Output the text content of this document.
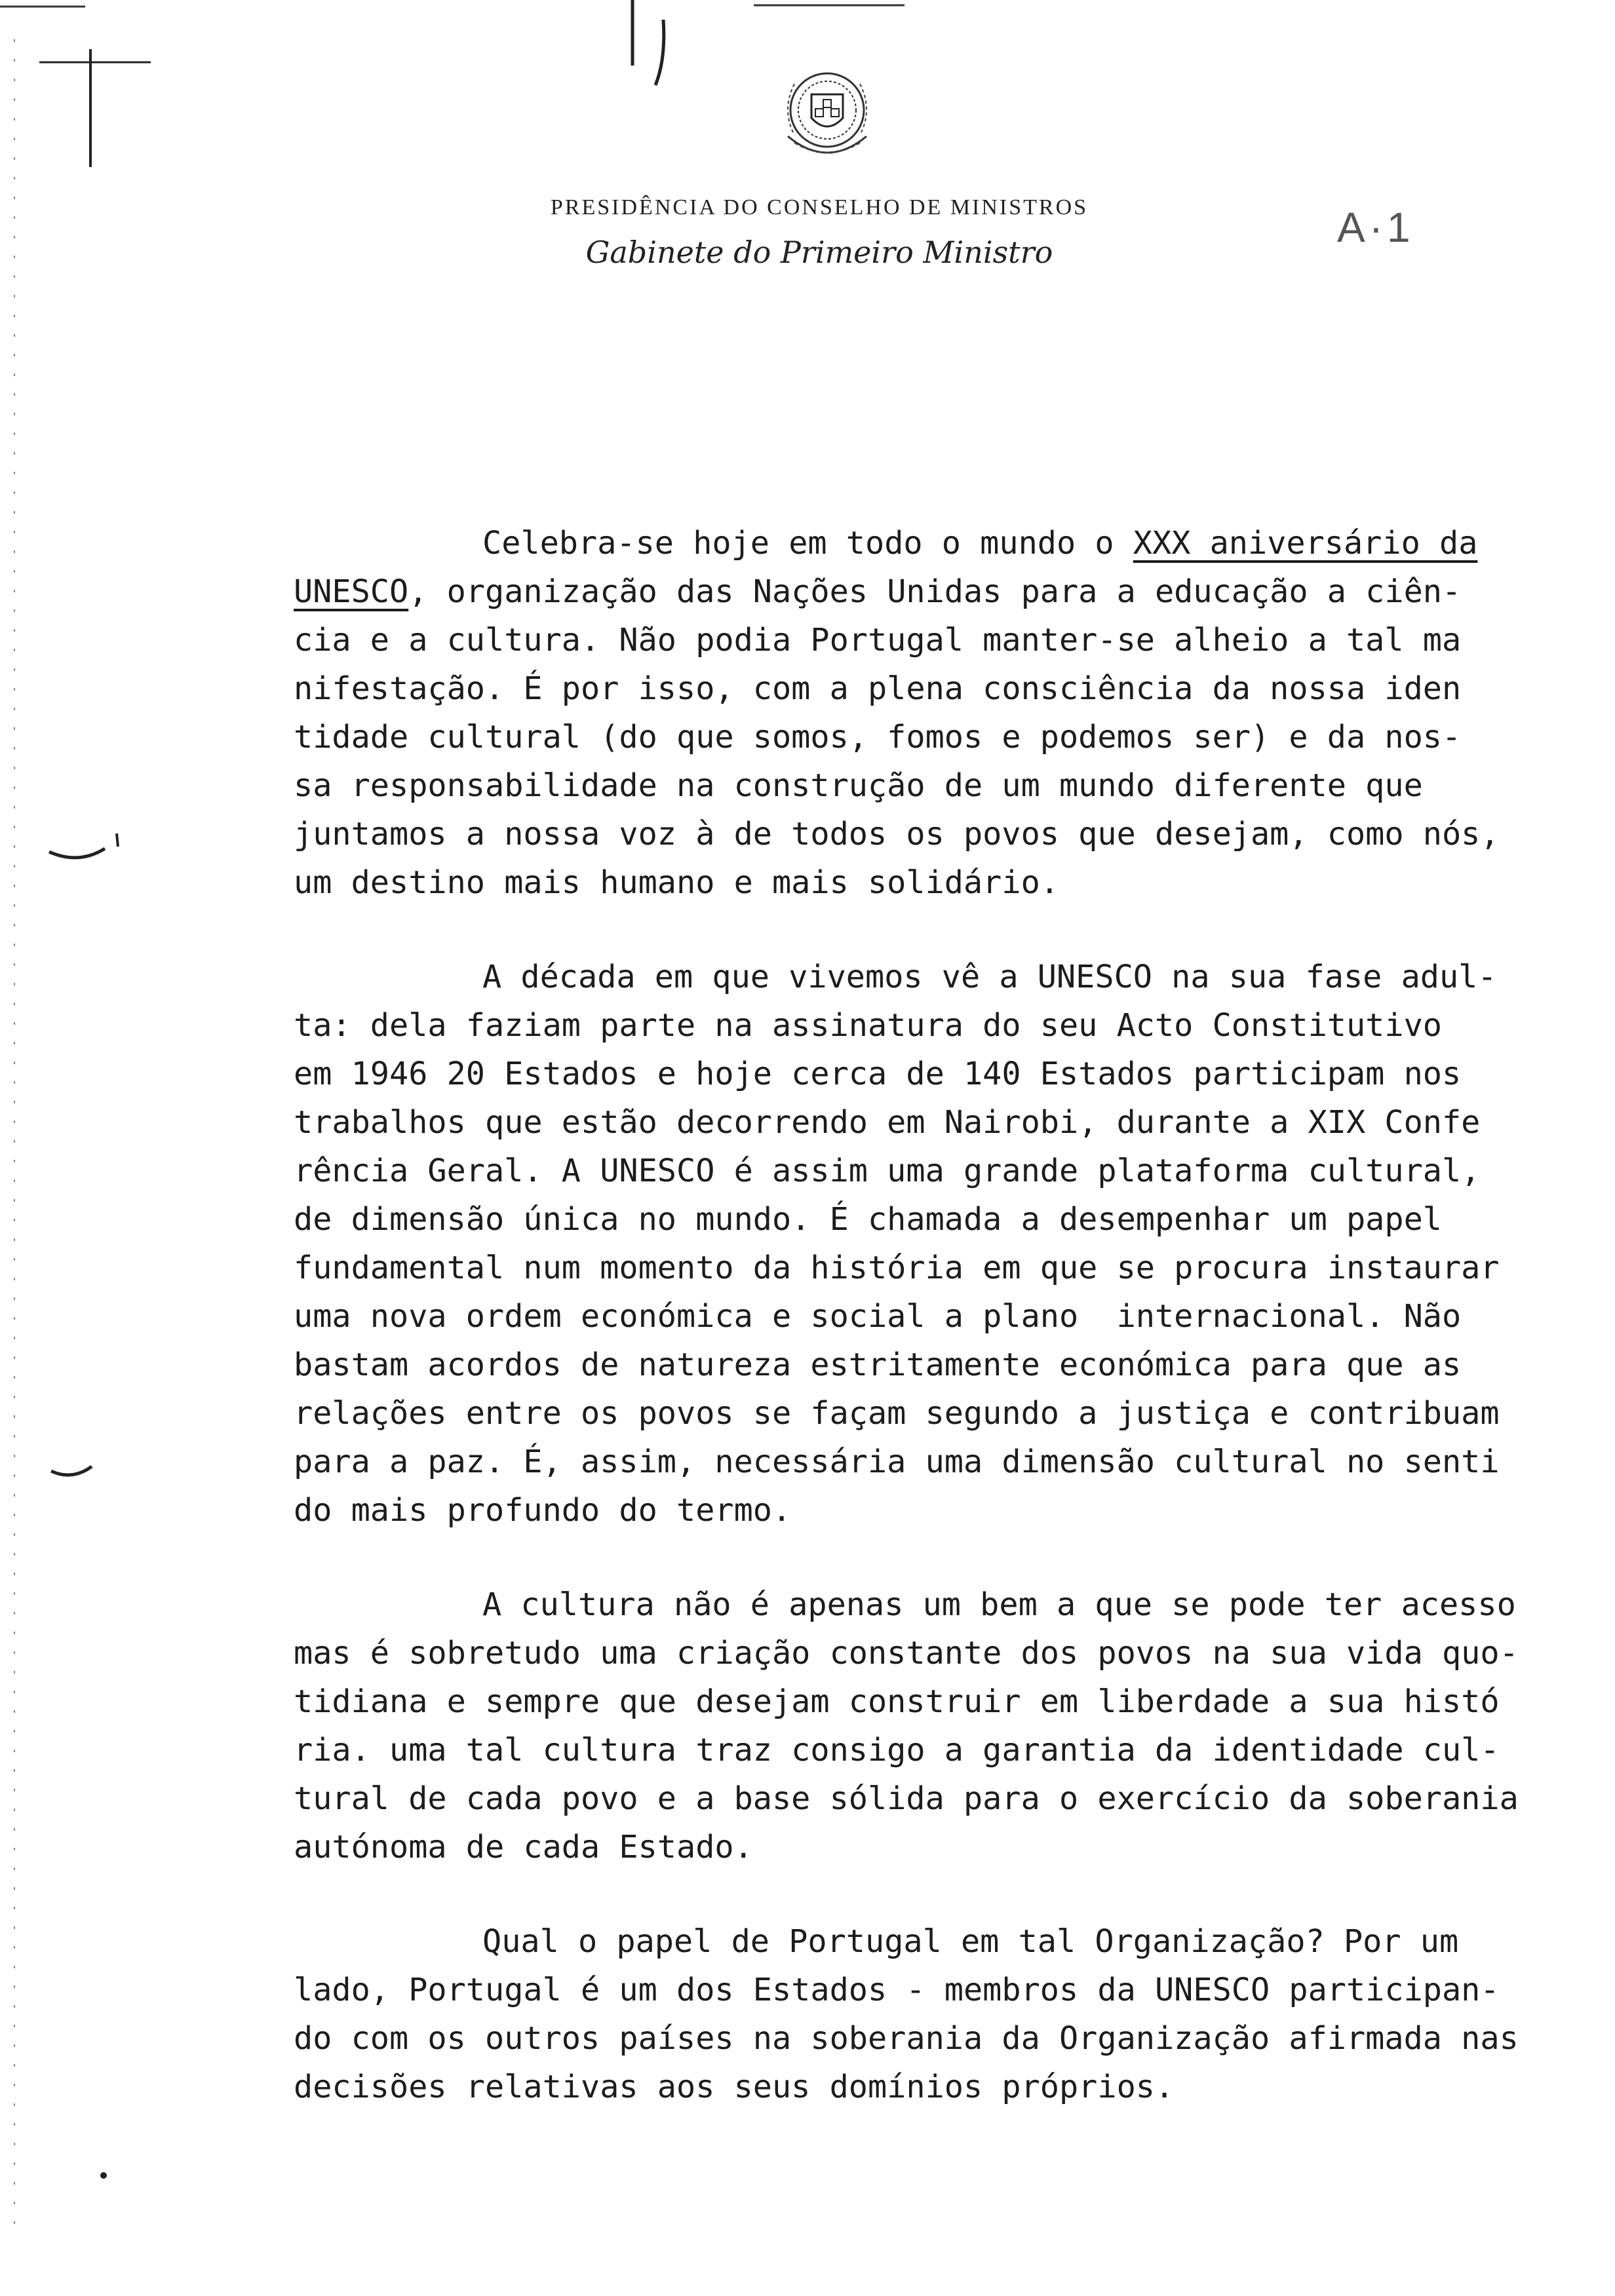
PRESIDÊNCIA DO CONSELHO DE MINISTROS
Gabinete do Primeiro Ministro
A·1
Celebra-se hoje em todo o mundo o XXX aniversário da
UNESCO, organização das Nações Unidas para a educação a ciên-
cia e a cultura. Não podia Portugal manter-se alheio a tal ma
nifestação. É por isso, com a plena consciência da nossa iden
tidade cultural (do que somos, fomos e podemos ser) e da nos-
sa responsabilidade na construção de um mundo diferente que
juntamos a nossa voz à de todos os povos que desejam, como nós,
um destino mais humano e mais solidário.
A década em que vivemos vê a UNESCO na sua fase adul-
ta: dela faziam parte na assinatura do seu Acto Constitutivo
em 1946 20 Estados e hoje cerca de 140 Estados participam nos
trabalhos que estão decorrendo em Nairobi, durante a XIX Confe
rência Geral. A UNESCO é assim uma grande plataforma cultural,
de dimensão única no mundo. É chamada a desempenhar um papel
fundamental num momento da história em que se procura instaurar
uma nova ordem económica e social a plano  internacional. Não
bastam acordos de natureza estritamente económica para que as
relações entre os povos se façam segundo a justiça e contribuam
para a paz. É, assim, necessária uma dimensão cultural no senti
do mais profundo do termo.
A cultura não é apenas um bem a que se pode ter acesso
mas é sobretudo uma criação constante dos povos na sua vida quo-
tidiana e sempre que desejam construir em liberdade a sua histó
ria. uma tal cultura traz consigo a garantia da identidade cul-
tural de cada povo e a base sólida para o exercício da soberania
autónoma de cada Estado.
Qual o papel de Portugal em tal Organização? Por um
lado, Portugal é um dos Estados - membros da UNESCO participan-
do com os outros países na soberania da Organização afirmada nas
decisões relativas aos seus domínios próprios.
